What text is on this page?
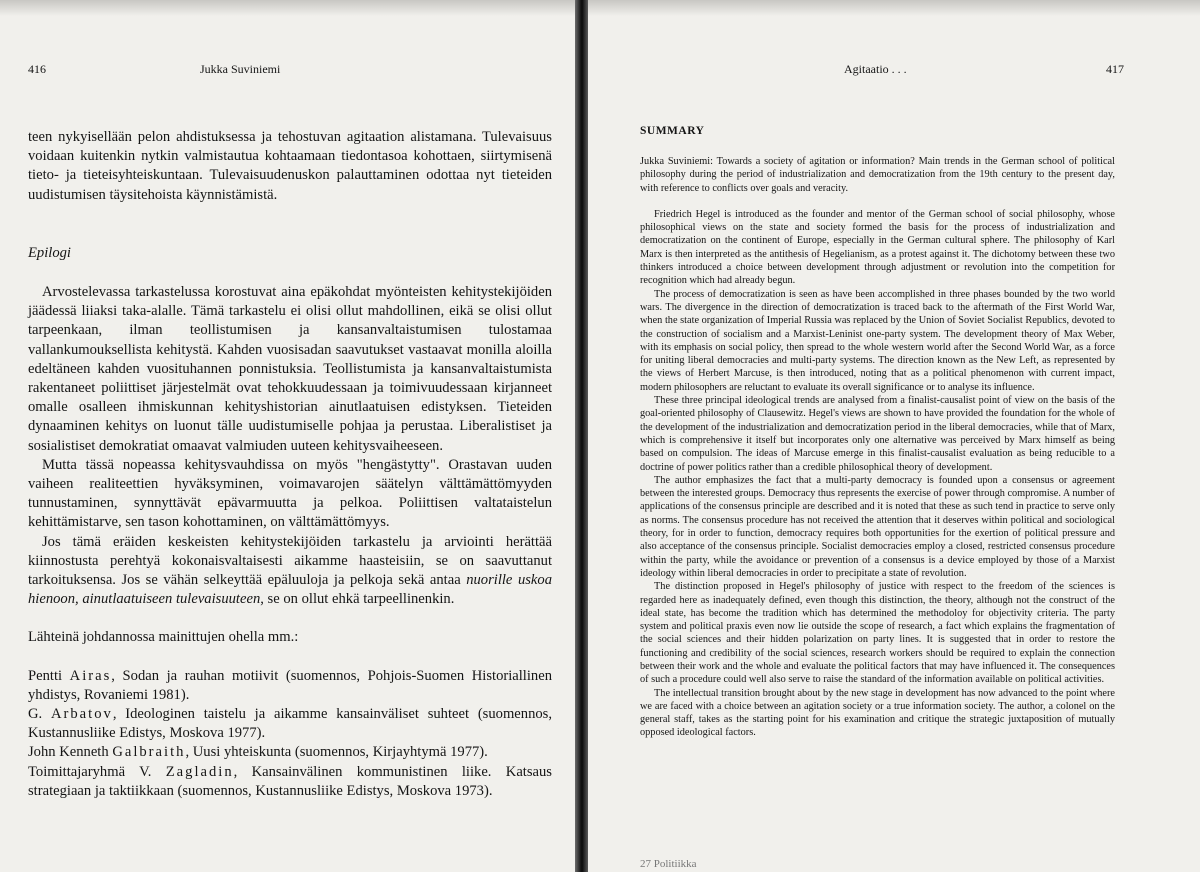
416	Jukka Suviniemi

teen nykyisellään pelon ahdistuksessa ja tehostuvan agitaation alistamana. Tulevaisuus voidaan kuitenkin nytkin valmistautua kohtaamaan tiedontasoa kohottaen, siirtymisenä tieto- ja tieteisyhteiskuntaan. Tulevaisuudenuskon palauttaminen odottaa nyt tieteiden uudistumisen täysitehoista käynnistämistä.

Epilogi

Arvostelevassa tarkastelussa korostuvat aina epäkohdat myönteisten kehitystekijöiden jäädessä liiaksi taka-alalle. Tämä tarkastelu ei olisi ollut mahdollinen, eikä se olisi ollut tarpeenkaan, ilman teollistumisen ja kansanvaltaistumisen tulostamaa vallankumouksellista kehitystä. Kahden vuosisadan saavutukset vastaavat monilla aloilla edeltäneen kahden vuosituhannen ponnistuksia. Teollistumista ja kansanvaltaistumista rakentaneet poliittiset järjestelmät ovat tehokkuudessaan ja toimivuudessaan kirjanneet omalle osalleen ihmiskunnan kehityshistorian ainutlaatuisen edistyksen. Tieteiden dynaaminen kehitys on luonut tälle uudistumiselle pohjaa ja perustaa. Liberalistiset ja sosialistiset demokratiat omaavat valmiuden uuteen kehitysvaiheeseen.

Mutta tässä nopeassa kehitysvauhdissa on myös "hengästytty". Orastavan uuden vaiheen realiteettien hyväksyminen, voimavarojen säätelyn välttämättömyyden tunnustaminen, synnyttävät epävarmuutta ja pelkoa. Poliittisen valtataistelun kehittämistarve, sen tason kohottaminen, on välttämättömyys.

Jos tämä eräiden keskeisten kehitystekijöiden tarkastelu ja arviointi herättää kiinnostusta perehtyä kokonaisvaltaisesti aikamme haasteisiin, se on saavuttanut tarkoituksensa. Jos se vähän selkeyttää epäluuloja ja pelkoja sekä antaa nuorille uskoa hienoon, ainutlaatuiseen tulevaisuuteen, se on ollut ehkä tarpeellinenkin.

Lähteinä johdannossa mainittujen ohella mm.:

Pentti Airas, Sodan ja rauhan motiivit (suomennos, Pohjois-Suomen Historiallinen yhdistys, Rovaniemi 1981).

G. Arbatov, Ideologinen taistelu ja aikamme kansainväliset suhteet (suomennos, Kustannusliike Edistys, Moskova 1977).

John Kenneth Galbraith, Uusi yhteiskunta (suomennos, Kirjayhtymä 1977).

Toimittajaryhmä V. Zagladin, Kansainvälinen kommunistinen liike. Katsaus strategiaan ja taktiikkaan (suomennos, Kustannusliike Edistys, Moskova 1973).

Agitaatio . . .	417
SUMMARY

Jukka Suviniemi: Towards a society of agitation or information? Main trends in the German school of political philosophy during the period of industrialization and democratization from the 19th century to the present day, with reference to conflicts over goals and veracity.

Friedrich Hegel is introduced as the founder and mentor of the German school of social philosophy, whose philosophical views on the state and society formed the basis for the process of industrialization and democratization on the continent of Europe, especially in the German cultural sphere. The philosophy of Karl Marx is then interpreted as the antithesis of Hegelianism, as a protest against it. The dichotomy between these two thinkers introduced a choice between development through adjustment or revolution into the competition for recognition which had already begun.

The process of democratization is seen as have been accomplished in three phases bounded by the two world wars. The divergence in the direction of democratization is traced back to the aftermath of the First World War, when the state organization of Imperial Russia was replaced by the Union of Soviet Socialist Republics, devoted to the construction of socialism and a Marxist-Leninist one-party system. The development theory of Max Weber, with its emphasis on social policy, then spread to the whole western world after the Second World War, as a force for uniting liberal democracies and multi-party systems. The direction known as the New Left, as represented by the views of Herbert Marcuse, is then introduced, noting that as a political phenomenon with current impact, modern philosophers are reluctant to evaluate its overall significance or to analyse its influence.

These three principal ideological trends are analysed from a finalist-causalist point of view on the basis of the goal-oriented philosophy of Clausewitz. Hegel's views are shown to have provided the foundation for the whole of the development of the industrialization and democratization period in the liberal democracies, while that of Marx, which is comprehensive it itself but incorporates only one alternative was perceived by Marx himself as being based on compulsion. The ideas of Marcuse emerge in this finalist-causalist evaluation as being reducible to a doctrine of power politics rather than a credible philosophical theory of development.

The author emphasizes the fact that a multi-party democracy is founded upon a consensus or agreement between the interested groups. Democracy thus represents the exercise of power through compromise. A number of applications of the consensus principle are described and it is noted that these as such tend in practice to serve only as norms. The consensus procedure has not received the attention that it deserves within political and sociological theory, for in order to function, democracy requires both opportunities for the exertion of political pressure and also acceptance of the consensus principle. Socialist democracies employ a closed, restricted consensus procedure within the party, while the avoidance or prevention of a consensus is a device employed by those of a Marxist ideology within liberal democracies in order to precipitate a state of revolution.

The distinction proposed in Hegel's philosophy of justice with respect to the freedom of the sciences is regarded here as inadequately defined, even though this distinction, the theory, although not the construct of the ideal state, has become the tradition which has determined the methodoloy for objectivity criteria. The party system and political praxis even now lie outside the scope of research, a fact which explains the fragmentation of the social sciences and their hidden polarization on party lines. It is suggested that in order to restore the functioning and credibility of the social sciences, research workers should be required to explain the connection between their work and the whole and evaluate the political factors that may have influenced it. The consequences of such a procedure could well also serve to raise the standard of the information available on political activities.

The intellectual transition brought about by the new stage in development has now advanced to the point where we are faced with a choice between an agitation society or a true information society. The author, a colonel on the general staff, takes as the starting point for his examination and critique the strategic juxtaposition of mutually opposed ideological factors.

27 Politiikka
